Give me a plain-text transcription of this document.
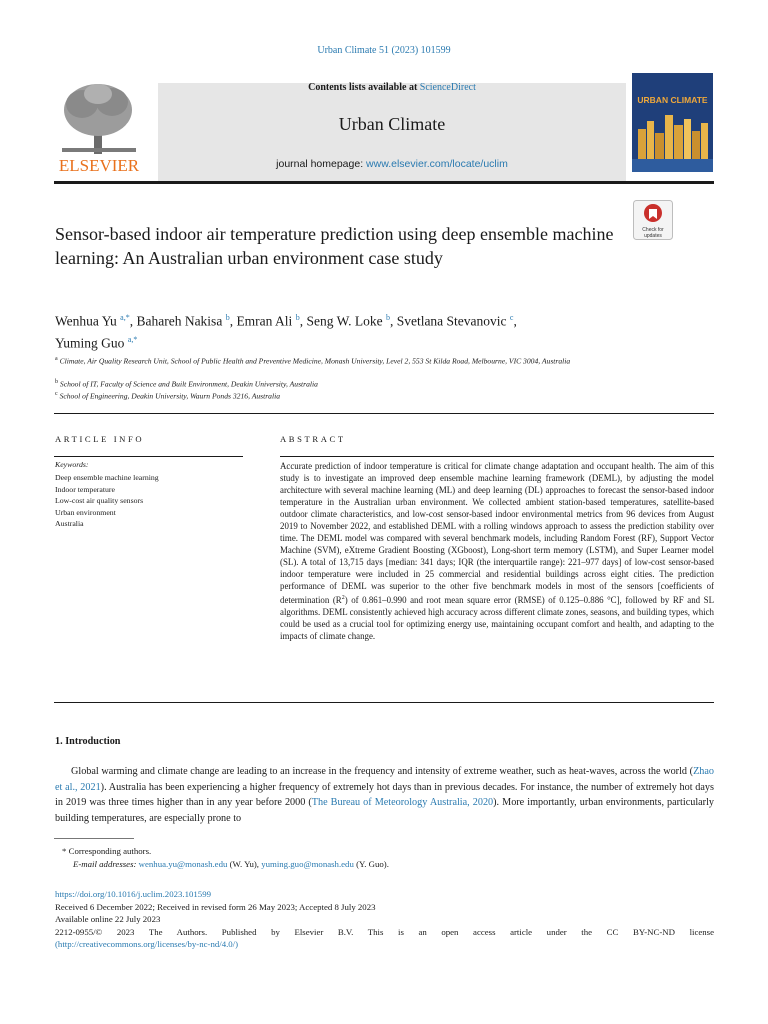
Urban Climate 51 (2023) 101599
ELSEVIER
Contents lists available at ScienceDirect
Urban Climate
journal homepage: www.elsevier.com/locate/uclim
URBAN CLIMATE
Check for
updates
Sensor-based indoor air temperature prediction using deep ensemble machine learning: An Australian urban environment case study
Wenhua Yu $^{a,*}$, Bahareh Nakisa $^b$, Emran Ali $^b$, Seng W. Loke $^b$, Svetlana Stevanovic $^c$,
Yuming Guo $^{a,*}$
$^a$ Climate, Air Quality Research Unit, School of Public Health and Preventive Medicine, Monash University, Level 2, 553 St Kilda Road, Melbourne, VIC 3004, Australia
$^b$ School of IT, Faculty of Science and Built Environment, Deakin University, Australia
$^c$ School of Engineering, Deakin University, Waurn Ponds 3216, Australia
ARTICLE INFO
Keywords:
Deep ensemble machine learning
Indoor temperature
Low-cost air quality sensors
Urban environment
Australia
ABSTRACT
Accurate prediction of indoor temperature is critical for climate change adaptation and occupant health. The aim of this study is to investigate an improved deep ensemble machine learning framework (DEML), by adjusting the model architecture with several machine learning (ML) and deep learning (DL) approaches to forecast the sensor-based indoor temperature in the Australian urban environment. We collected ambient station-based temperatures, satellite-based outdoor climate characteristics, and low-cost sensor-based indoor environmental metrics from 96 devices from August 2019 to November 2022, and established DEML with a rolling windows approach to assess the prediction stability over time. The DEML model was compared with several benchmark models, including Random Forest (RF), Support Vector Machine (SVM), eXtreme Gradient Boosting (XGboost), Long-short term memory (LSTM), and Super Learner model (SL). A total of 13,715 days [median: 341 days; IQR (the interquartile range): 221–977 days] of low-cost sensor-based indoor temperature were included in 25 commercial and residential buildings across eight cities. The prediction performance of DEML was superior to the other five benchmark models in most of the sensors [coefficients of determination $(R^2)$ of 0.861–0.990 and root mean square error (RMSE) of 0.125–0.886 °C], followed by RF and SL algorithms. DEML consistently achieved high accuracy across different climate zones, seasons, and building types, which could be used as a crucial tool for optimizing energy use, maintaining occupant comfort and health, and adapting to the impacts of climate change.
1. Introduction
Global warming and climate change are leading to an increase in the frequency and intensity of extreme weather, such as heat-waves, across the world (Zhao et al., 2021). Australia has been experiencing a higher frequency of extremely hot days than in previous decades. For instance, the number of extremely hot days in 2019 was three times higher than in any year before 2000 (The Bureau of Meteorology Australia, 2020). More importantly, urban environments, particularly building temperatures, are especially prone to
* Corresponding authors.
E-mail addresses: wenhua.yu@monash.edu (W. Yu), yuming.guo@monash.edu (Y. Guo).
https://doi.org/10.1016/j.uclim.2023.101599
Received 6 December 2022; Received in revised form 26 May 2023; Accepted 8 July 2023
Available online 22 July 2023
2212-0955/© 2023 The Authors. Published by Elsevier B.V. This is an open access article under the CC BY-NC-ND license
(http://creativecommons.org/licenses/by-nc-nd/4.0/)
